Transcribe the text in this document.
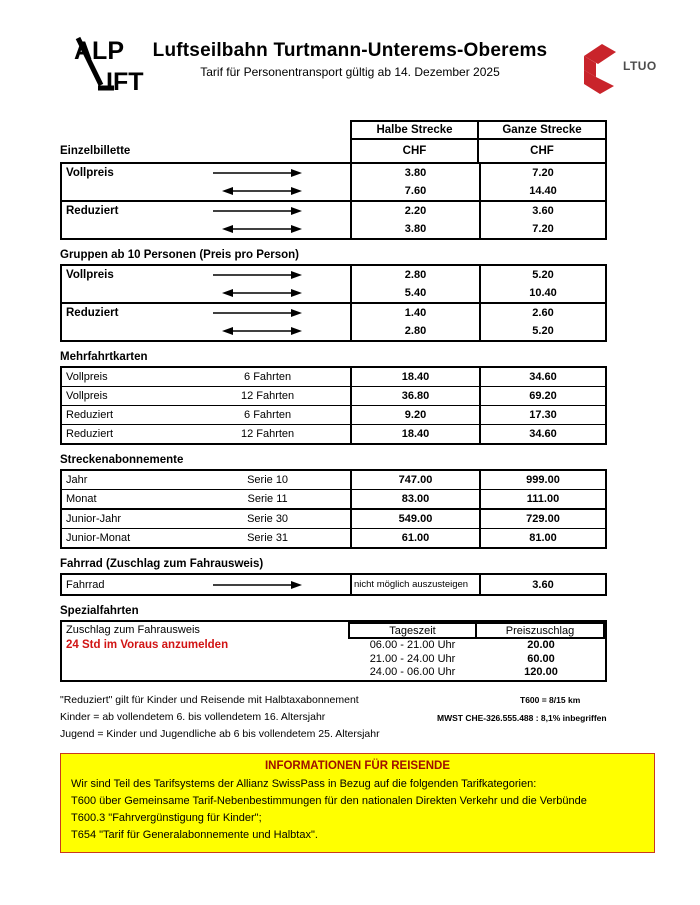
ALP
IFT
Luftseilbahn Turtmann-Unterems-Oberems
Tarif für Personentransport gültig ab 14. Dezember 2025	LTUO
Halbe Strecke	Ganze Strecke
Einzelbillette	CHF	CHF
Vollpreis	3.80	7.20
7.60	14.40
Reduziert	2.20	3.60
3.80	7.20
Gruppen ab 10 Personen (Preis pro Person)
Vollpreis	2.80	5.20
5.40	10.40
Reduziert	1.40	2.60
2.80	5.20
Mehrfahrtkarten
Vollpreis	6 Fahrten	18.40	34.60
Vollpreis	12 Fahrten	36.80	69.20
Reduziert	6 Fahrten	9.20	17.30
Reduziert	12 Fahrten	18.40	34.60
Streckenabonnemente
Jahr	Serie 10	747.00	999.00
Monat	Serie 11	83.00	111.00
Junior-Jahr	Serie 30	549.00	729.00
Junior-Monat	Serie 31	61.00	81.00
Fahrrad (Zuschlag zum Fahrausweis)
Fahrrad	nicht möglich auszusteigen	3.60
Spezialfahrten
Zuschlag zum Fahrausweis
24 Std im Voraus anzumelden
Tageszeit	Preiszuschlag
06.00 - 21.00 Uhr	20.00
21.00 - 24.00 Uhr	60.00
24.00 - 06.00 Uhr	120.00
"Reduziert" gilt für Kinder und Reisende mit Halbtaxabonnement
Kinder = ab vollendetem 6. bis vollendetem 16. Altersjahr
Jugend = Kinder und Jugendliche ab 6 bis vollendetem 25. Altersjahr
T600 = 8/15 km
MWST CHE-326.555.488 : 8,1% inbegriffen
INFORMATIONEN FÜR REISENDE
Wir sind Teil des Tarifsystems der Allianz SwissPass in Bezug auf die folgenden Tarifkategorien:
T600 über Gemeinsame Tarif-Nebenbestimmungen für den nationalen Direkten Verkehr und die Verbünde
T600.3 "Fahrvergünstigung für Kinder";
T654 "Tarif für Generalabonnemente und Halbtax".
